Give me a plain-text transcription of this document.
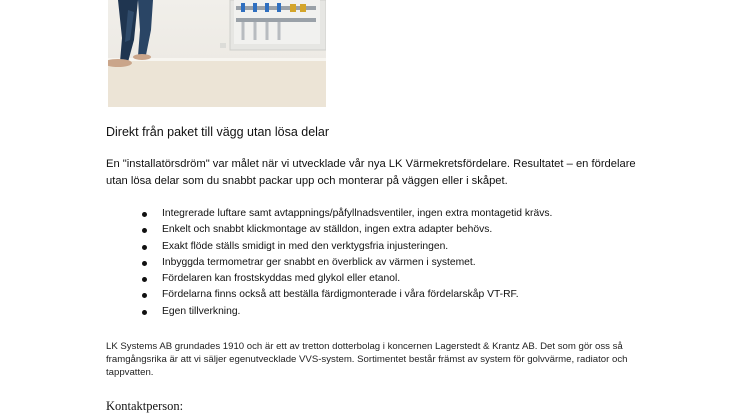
Direkt från paket till vägg utan lösa delar
En "installatörsdröm" var målet när vi utvecklade vår nya LK Värmekretsfördelare. Resultatet – en fördelare utan lösa delar som du snabbt packar upp och monterar på väggen eller i skåpet.
Integrerade luftare samt avtappnings/påfyllnadsventiler, ingen extra montagetid krävs.
Enkelt och snabbt klickmontage av ställdon, ingen extra adapter behövs.
Exakt flöde ställs smidigt in med den verktygsfria injusteringen.
Inbyggda termometrar ger snabbt en överblick av värmen i systemet.
Fördelaren kan frostskyddas med glykol eller etanol.
Fördelarna finns också att beställa färdigmonterade i våra fördelarskåp VT-RF.
Egen tillverkning.
LK Systems AB grundades 1910 och är ett av tretton dotterbolag i koncernen Lagerstedt & Krantz AB. Det som gör oss så framgångsrika är att vi säljer egenutvecklade VVS-system. Sortimentet består främst av system för golvvärme, radiator och tappvatten.
Kontaktperson:
